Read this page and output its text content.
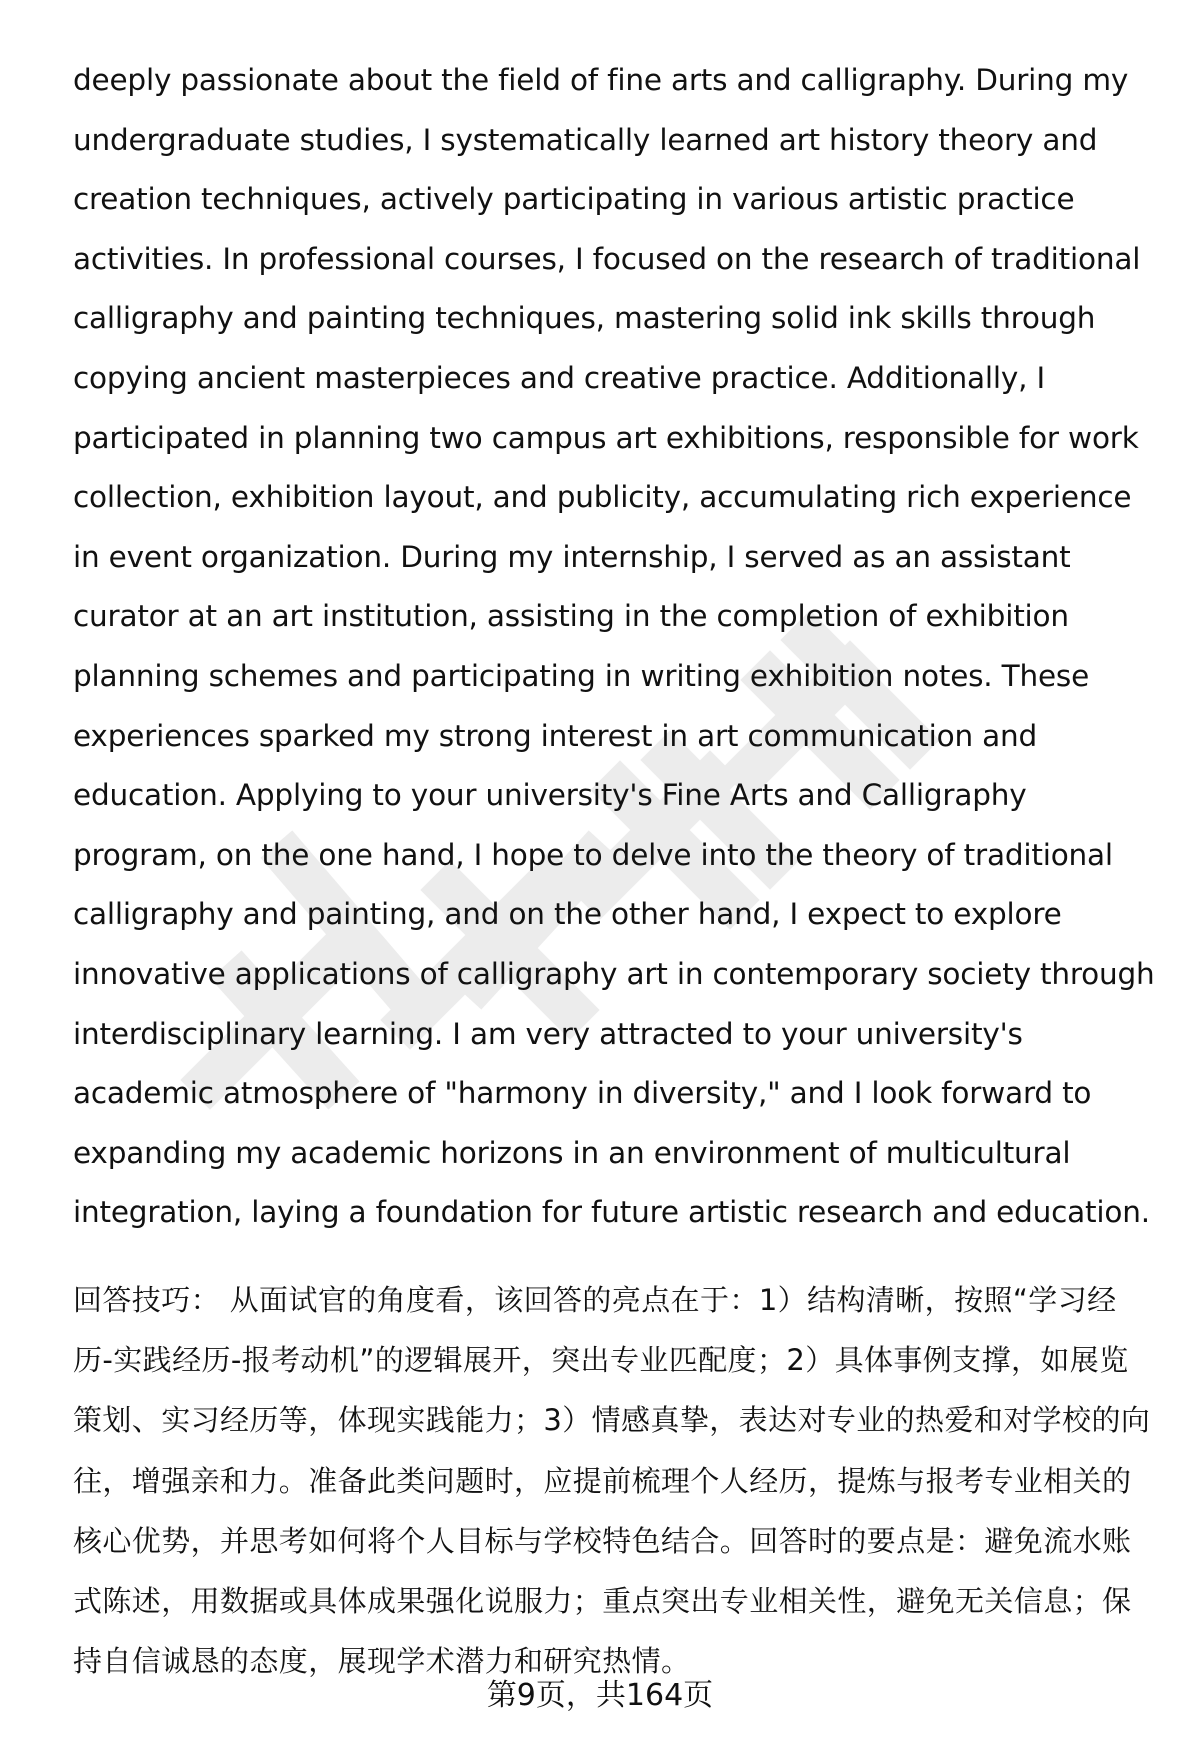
deeply passionate about the field of fine arts and calligraphy. During my undergraduate studies, I systematically learned art history theory and creation techniques, actively participating in various artistic practice activities. In professional courses, I focused on the research of traditional calligraphy and painting techniques, mastering solid ink skills through copying ancient masterpieces and creative practice. Additionally, I participated in planning two campus art exhibitions, responsible for work collection, exhibition layout, and publicity, accumulating rich experience in event organization. During my internship, I served as an assistant curator at an art institution, assisting in the completion of exhibition planning schemes and participating in writing exhibition notes. These experiences sparked my strong interest in art communication and education. Applying to your university's Fine Arts and Calligraphy program, on the one hand, I hope to delve into the theory of traditional calligraphy and painting, and on the other hand, I expect to explore innovative applications of calligraphy art in contemporary society through interdisciplinary learning. I am very attracted to your university's academic atmosphere of "harmony in diversity," and I look forward to expanding my academic horizons in an environment of multicultural integration, laying a foundation for future artistic research and education.
回答技巧： 从面试官的角度看，该回答的亮点在于：1）结构清晰，按照“学习经历-实践经历-报考动机”的逻辑展开，突出专业匹配度；2）具体事例支撑，如展览策划、实习经历等，体现实践能力；3）情感真挚，表达对专业的热爱和对学校的向往，增强亲和力。准备此类问题时，应提前梳理个人经历，提炼与报考专业相关的核心优势，并思考如何将个人目标与学校特色结合。回答时的要点是：避免流水账式陈述，用数据或具体成果强化说服力；重点突出专业相关性，避免无关信息；保持自信诚恳的态度，展现学术潜力和研究热情。
第9页，共164页
